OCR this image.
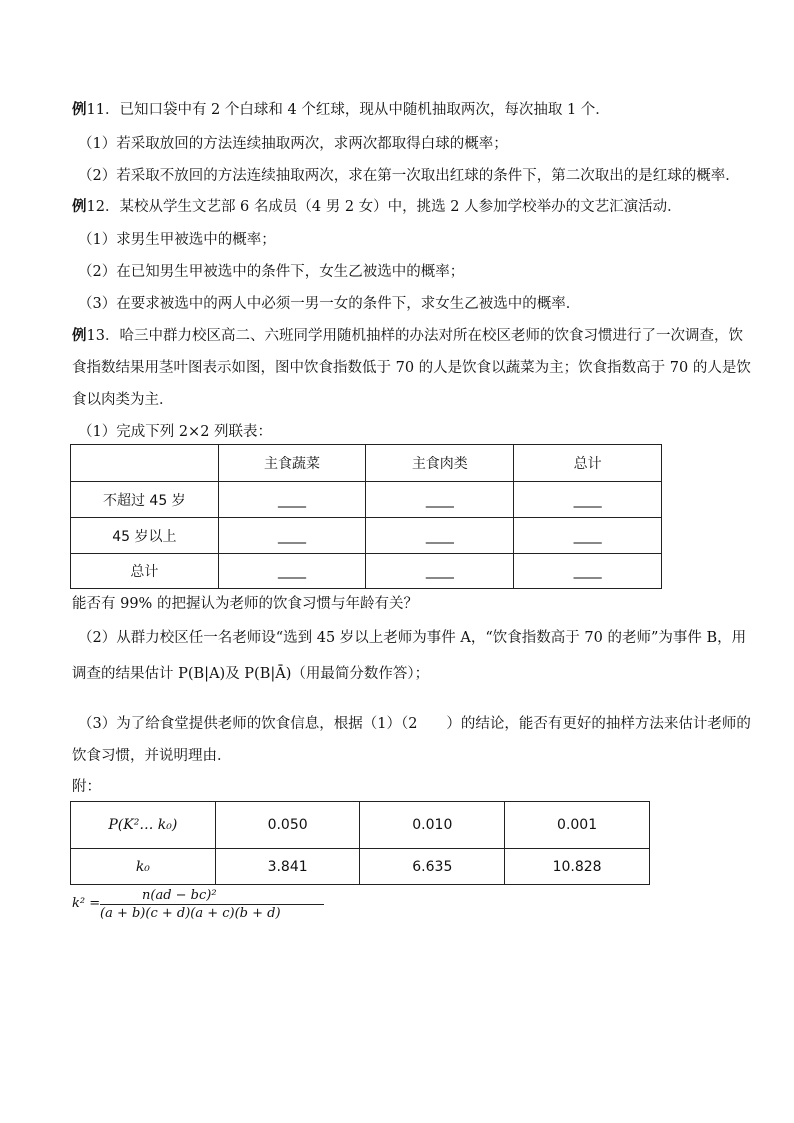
例11．已知口袋中有 2 个白球和 4 个红球，现从中随机抽取两次，每次抽取 1 个．
（1）若采取放回的方法连续抽取两次，求两次都取得白球的概率；
（2）若采取不放回的方法连续抽取两次，求在第一次取出红球的条件下，第二次取出的是红球的概率．
例12．某校从学生文艺部 6 名成员（4 男 2 女）中，挑选 2 人参加学校举办的文艺汇演活动．
（1）求男生甲被选中的概率；
（2）在已知男生甲被选中的条件下，女生乙被选中的概率；
（3）在要求被选中的两人中必须一男一女的条件下，求女生乙被选中的概率．
例13．哈三中群力校区高二、六班同学用随机抽样的办法对所在校区老师的饮食习惯进行了一次调查，饮
食指数结果用茎叶图表示如图，图中饮食指数低于 70 的人是饮食以蔬菜为主；饮食指数高于 70 的人是饮
食以肉类为主．
（1）完成下列 2×2 列联表：
	主食蔬菜	主食肉类	总计
不超过 45 岁	____	____	____
45 岁以上	____	____	____
总计	____	____	____
能否有 99% 的把握认为老师的饮食习惯与年龄有关？
（2）从群力校区任一名老师设“选到 45 岁以上老师为事件 A，“饮食指数高于 70 的老师”为事件 B，用
调查的结果估计 P(B|A)及 P(B|Ā)（用最简分数作答）；
（3）为了给食堂提供老师的饮食信息，根据（1）（2　　）的结论，能否有更好的抽样方法来估计老师的
饮食习惯，并说明理由．
附：
P(K²… k₀)	0.050	0.010	0.001
k₀	3.841	6.635	10.828
k² =
n(ad − bc)²
(a + b)(c + d)(a + c)(b + d)
